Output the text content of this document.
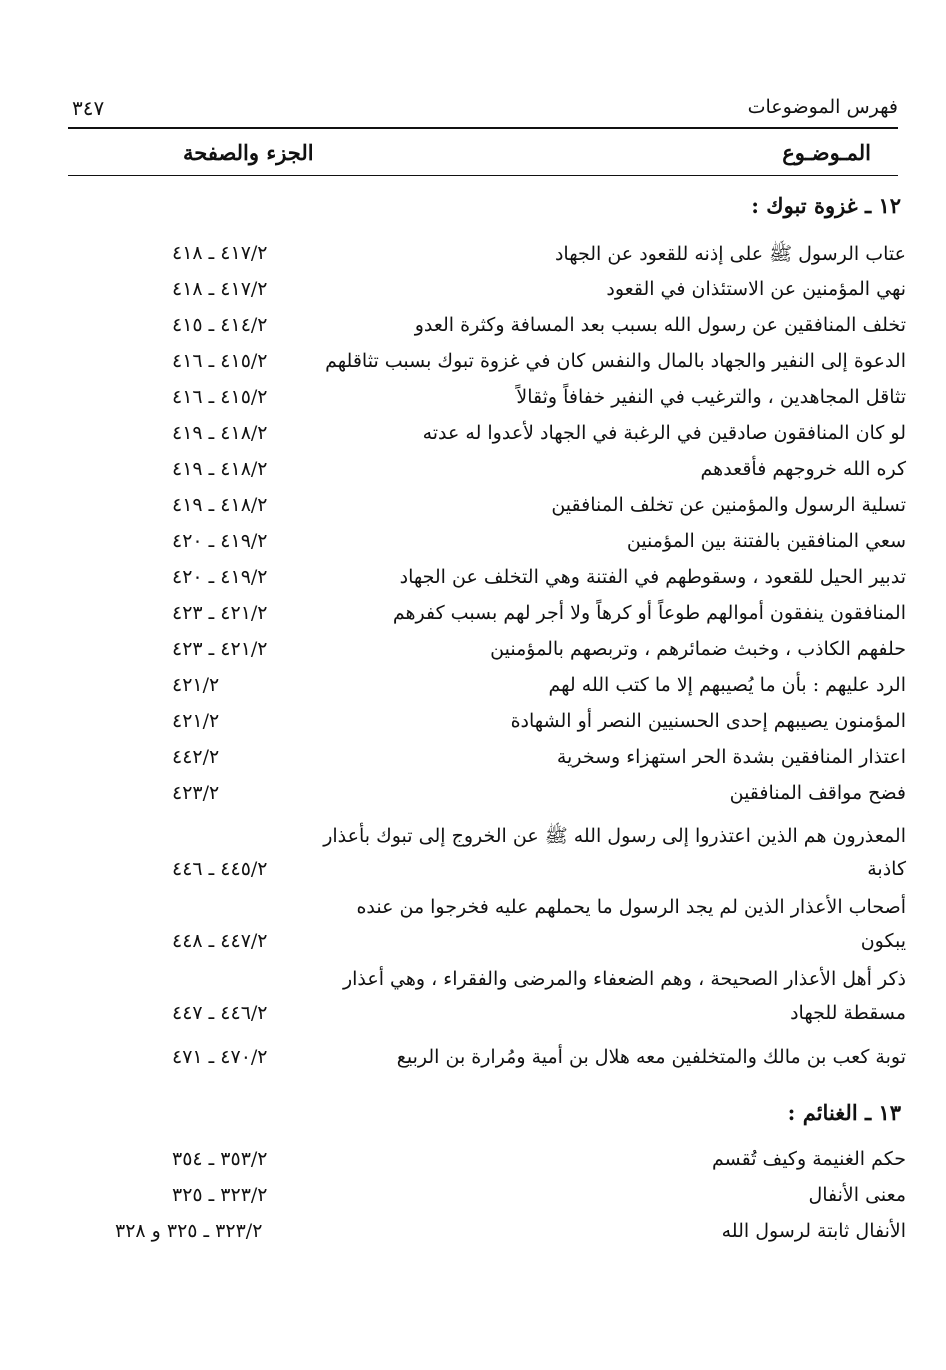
فهرس الموضوعات
٣٤٧
المـوضـوع
الجزء والصفحة
١٢ ـ غزوة تبوك :
عتاب الرسول ﷺ على إذنه للقعود عن الجهاد
٤١٧/٢ ـ ٤١٨
نهي المؤمنين عن الاستئذان في القعود
٤١٧/٢ ـ ٤١٨
تخلف المنافقين عن رسول الله بسبب بعد المسافة وكثرة العدو
٤١٤/٢ ـ ٤١٥
الدعوة إلى النفير والجهاد بالمال والنفس كان في غزوة تبوك بسبب تثاقلهم
٤١٥/٢ ـ ٤١٦
تثاقل المجاهدين ، والترغيب في النفير خفافاً وثقالاً
٤١٥/٢ ـ ٤١٦
لو كان المنافقون صادقين في الرغبة في الجهاد لأعدوا له عدته
٤١٨/٢ ـ ٤١٩
كره الله خروجهم فأقعدهم
٤١٨/٢ ـ ٤١٩
تسلية الرسول والمؤمنين عن تخلف المنافقين
٤١٨/٢ ـ ٤١٩
سعي المنافقين بالفتنة بين المؤمنين
٤١٩/٢ ـ ٤٢٠
تدبير الحيل للقعود ، وسقوطهم في الفتنة وهي التخلف عن الجهاد
٤١٩/٢ ـ ٤٢٠
المنافقون ينفقون أموالهم طوعاً أو كرهاً ولا أجر لهم بسبب كفرهم
٤٢١/٢ ـ ٤٢٣
حلفهم الكاذب ، وخبث ضمائرهم ، وتربصهم بالمؤمنين
٤٢١/٢ ـ ٤٢٣
الرد عليهم : بأن ما يُصيبهم إلا ما كتب الله لهم
٤٢١/٢
المؤمنون يصيبهم إحدى الحسنيين النصر أو الشهادة
٤٢١/٢
اعتذار المنافقين بشدة الحر استهزاء وسخرية
٤٤٢/٢
فضح مواقف المنافقين
٤٢٣/٢
المعذرون هم الذين اعتذروا إلى رسول الله ﷺ عن الخروج إلى تبوك بأعذار
كاذبة
٤٤٥/٢ ـ ٤٤٦
أصحاب الأعذار الذين لم يجد الرسول ما يحملهم عليه فخرجوا من عنده
يبكون
٤٤٧/٢ ـ ٤٤٨
ذكر أهل الأعذار الصحيحة ، وهم الضعفاء والمرضى والفقراء ، وهي أعذار
مسقطة للجهاد
٤٤٦/٢ ـ ٤٤٧
توبة كعب بن مالك والمتخلفين معه هلال بن أمية ومُرارة بن الربيع
٤٧٠/٢ ـ ٤٧١
١٣ ـ الغنائم :
حكم الغنيمة وكيف تُقسم
٣٥٣/٢ ـ ٣٥٤
معنى الأنفال
٣٢٣/٢ ـ ٣٢٥
الأنفال ثابتة لرسول الله
٣٢٣/٢ ـ ٣٢٥ و ٣٢٨
